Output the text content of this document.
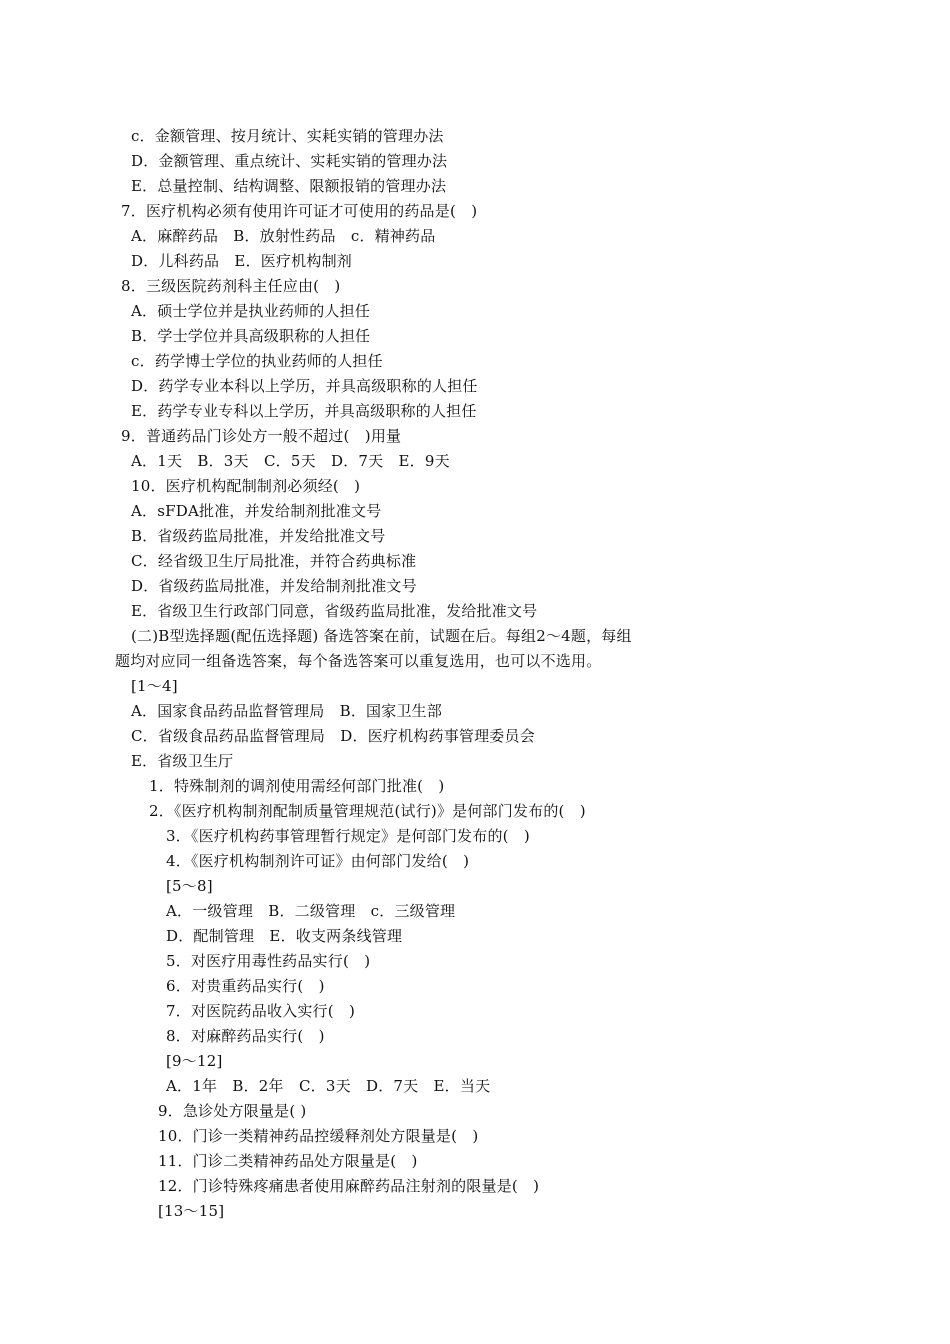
c．金额管理、按月统计、实耗实销的管理办法
D．金额管理、重点统计、实耗实销的管理办法
E．总量控制、结构调整、限额报销的管理办法
7．医疗机构必须有使用许可证才可使用的药品是(　)
A．麻醉药品　B．放射性药品　c．精神药品
D．儿科药品　E．医疗机构制剂
8．三级医院药剂科主任应由(　)
A．硕士学位并是执业药师的人担任
B．学士学位并具高级职称的人担任
c．药学博士学位的执业药师的人担任
D．药学专业本科以上学历，并具高级职称的人担任
E．药学专业专科以上学历，并具高级职称的人担任
9．普通药品门诊处方一般不超过(　)用量
A．1天　B．3天　C．5天　D．7天　E．9天
10．医疗机构配制制剂必须经(　)
A．sFDA批准，并发给制剂批准文号
B．省级药监局批准，并发给批准文号
C．经省级卫生厅局批准，并符合药典标准
D．省级药监局批准，并发给制剂批准文号
E．省级卫生行政部门同意，省级药监局批准，发给批准文号
(二)B型选择题(配伍选择题) 备选答案在前，试题在后。每组2～4题，每组
题均对应同一组备选答案，每个备选答案可以重复选用，也可以不选用。
[1～4]
A．国家食品药品监督管理局　B．国家卫生部
C．省级食品药品监督管理局　D．医疗机构药事管理委员会
E．省级卫生厅
1．特殊制剂的调剂使用需经何部门批准(　)
2．《医疗机构制剂配制质量管理规范(试行)》是何部门发布的(　)
3．《医疗机构药事管理暂行规定》是何部门发布的(　)
4．《医疗机构制剂许可证》由何部门发给(　)
[5～8]
A．一级管理　B．二级管理　c．三级管理
D．配制管理　E．收支两条线管理
5．对医疗用毒性药品实行(　)
6．对贵重药品实行(　)
7．对医院药品收入实行(　)
8．对麻醉药品实行(　)
[9～12]
A．1年　B．2年　C．3天　D．7天　E．当天
9．急诊处方限量是( )
10．门诊一类精神药品控缓释剂处方限量是(　)
11．门诊二类精神药品处方限量是(　)
12．门诊特殊疼痛患者使用麻醉药品注射剂的限量是(　)
[13～15]
